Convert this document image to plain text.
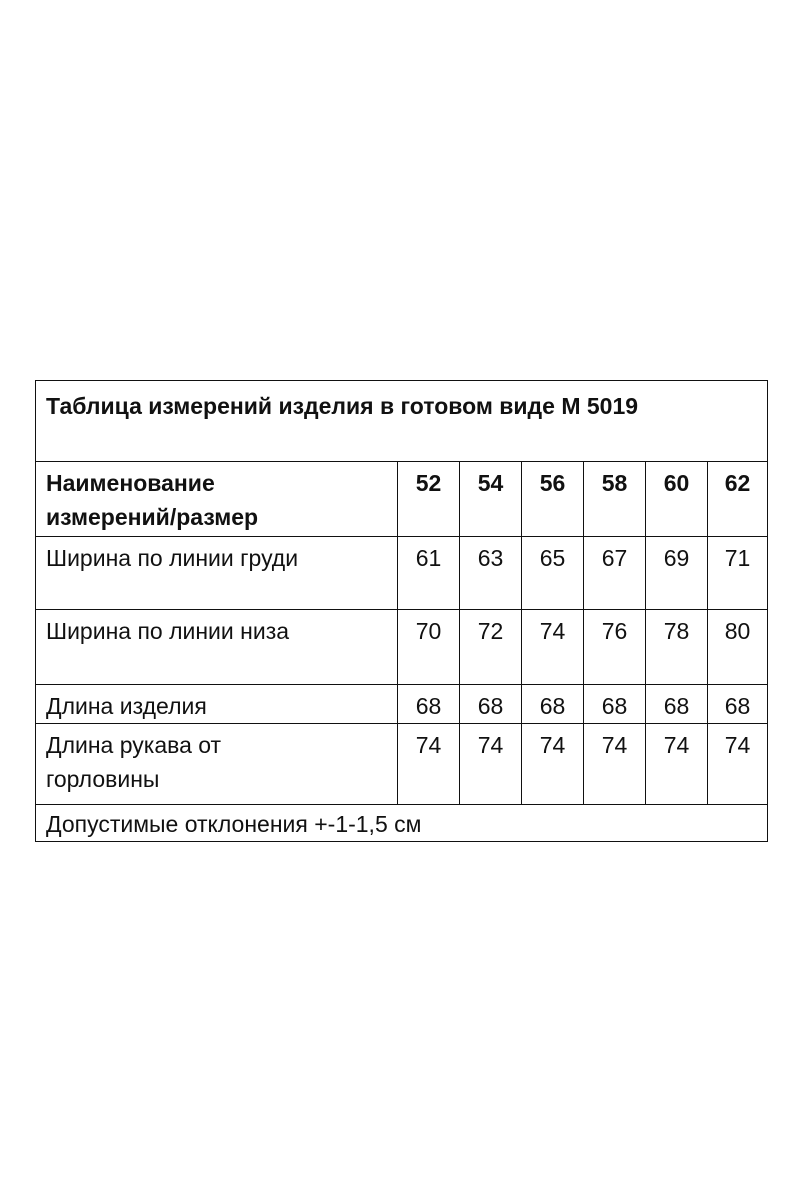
Таблица измерений изделия в готовом виде М 5019						
Наименование
измерений/размер	52	54	56	58	60	62
Ширина по линии груди	61	63	65	67	69	71
Ширина по линии низа	70	72	74	76	78	80
Длина изделия	68	68	68	68	68	68
Длина рукава от
горловины	74	74	74	74	74	74
Допустимые отклонения +-1-1,5 см						
